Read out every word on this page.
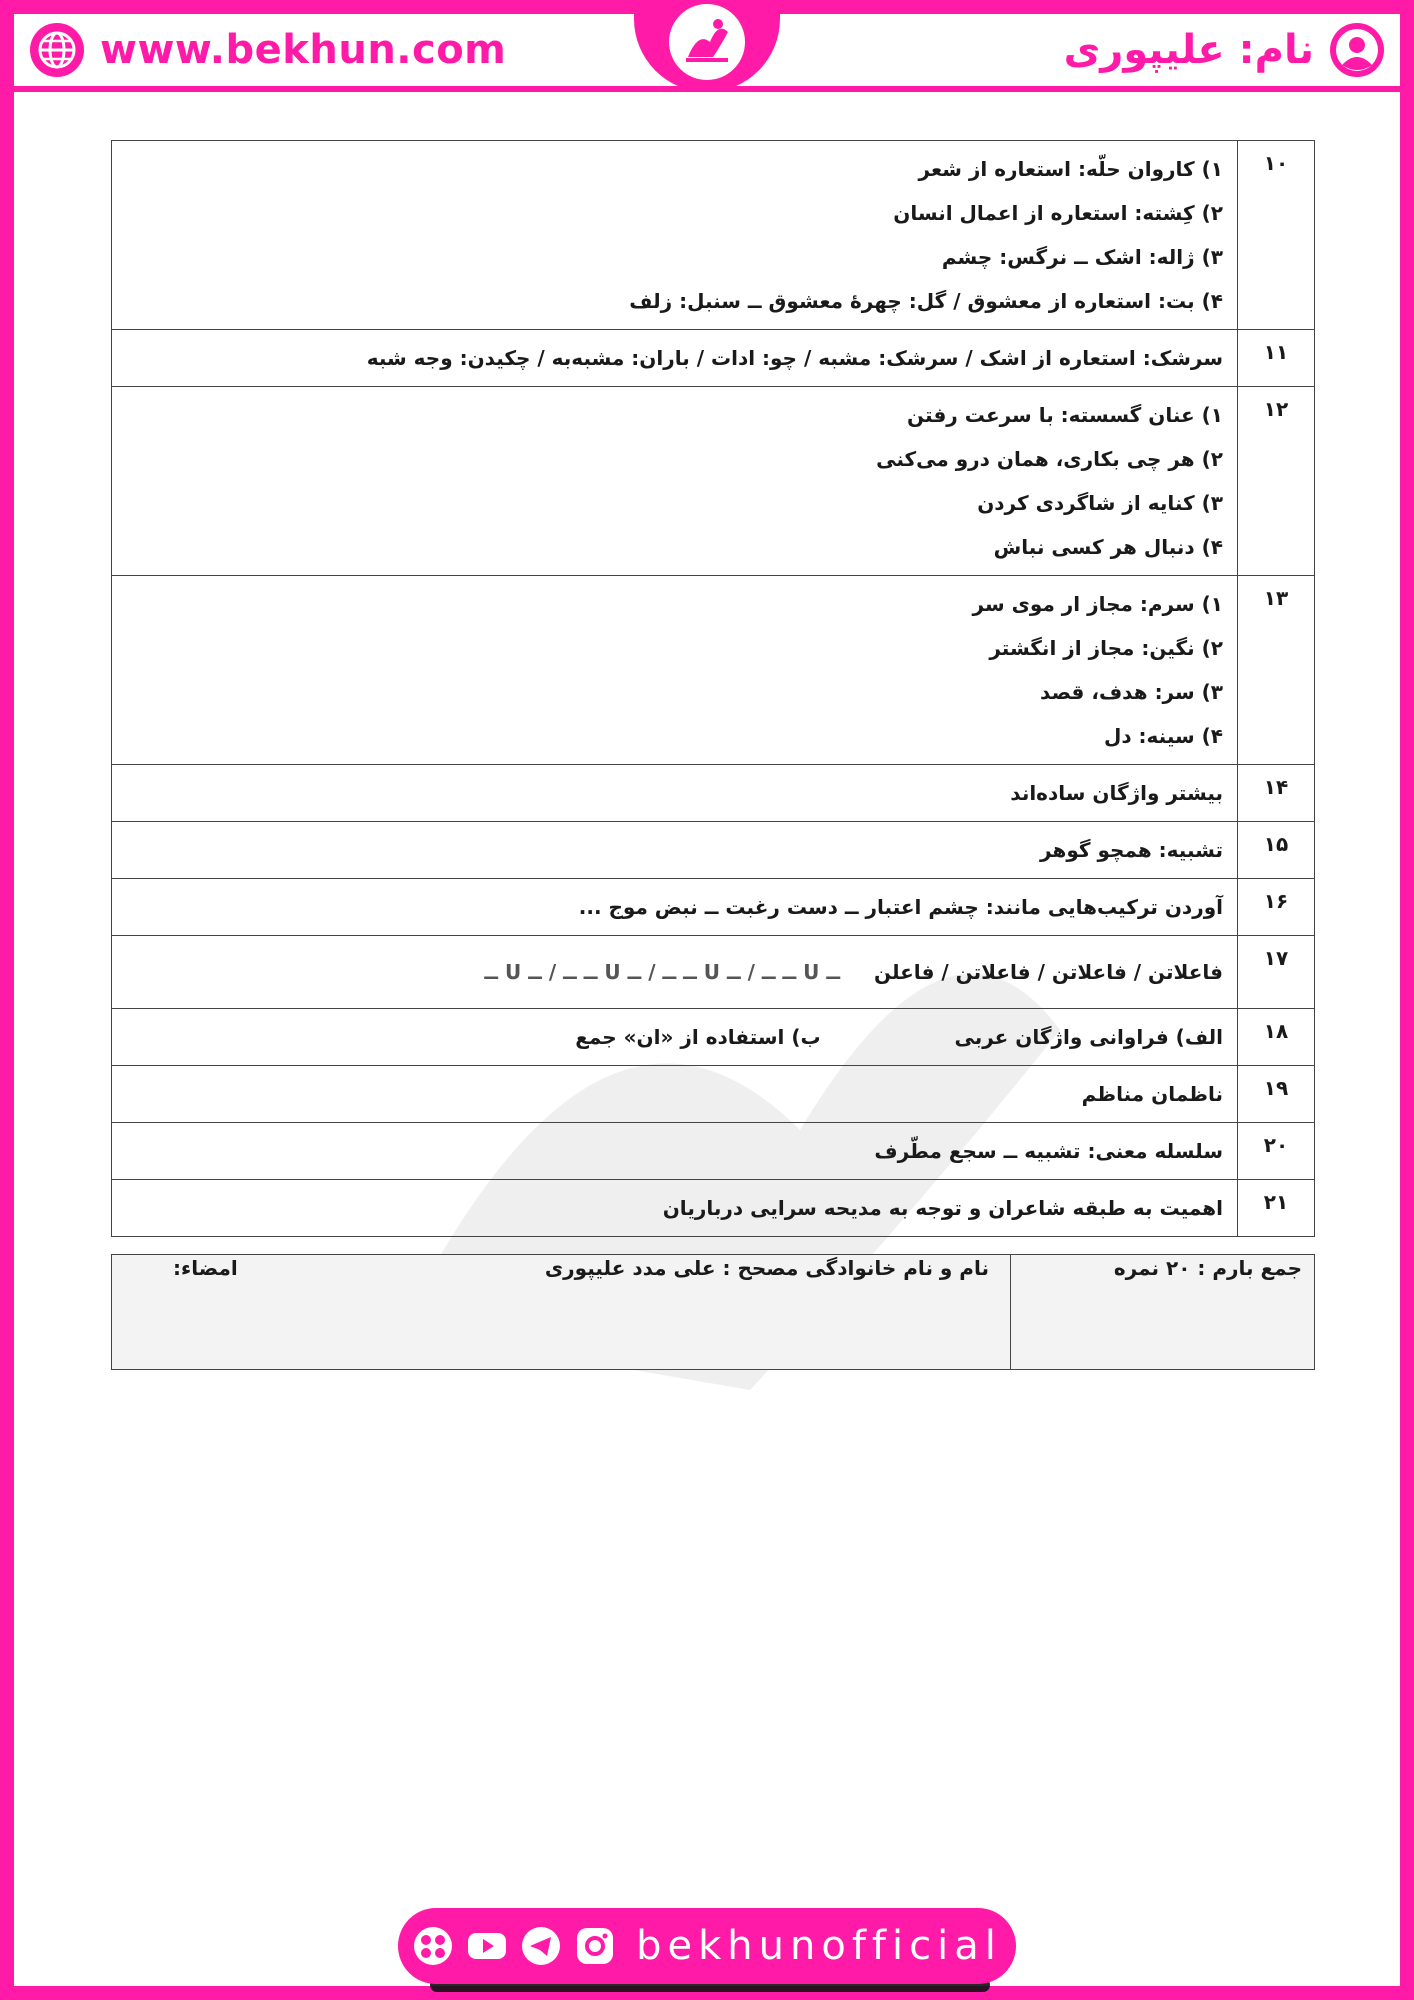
www.bekhun.com	نام: علیپوری
۱۰	۱) کاروان حلّه: استعاره از شعر
۲) کِشته: استعاره از اعمال انسان
۳) ژاله: اشک ــ نرگس: چشم
۴) بت: استعاره از معشوق / گل: چهرهٔ معشوق ــ سنبل: زلف

۱۱	سرشک: استعاره از اشک / سرشک: مشبه / چو: ادات / باران: مشبه‌به / چکیدن: وجه شبه

۱۲	۱) عنان گسسته: با سرعت رفتن
۲) هر چی بکاری، همان درو می‌کنی
۳) کنایه از شاگردی کردن
۴) دنبال هر کسی نباش

۱۳	۱) سرم: مجاز ار موی سر
۲) نگین: مجاز از انگشتر
۳) سر: هدف، قصد
۴) سینه: دل

۱۴	بیشتر واژگان ساده‌اند

۱۵	تشبیه: همچو گوهر

۱۶	آوردن ترکیب‌هایی مانند: چشم اعتبار ــ دست رغبت ــ نبض موج ...

۱۷	فاعلاتن / فاعلاتن / فاعلاتن / فاعلن  ــ U ــ ــ / ــ U ــ ــ / ــ U ــ ــ / ــ U ــ

۱۸	الف) فراوانی واژگان عربی  ب) استفاده از «ان» جمع

۱۹	ناظمان مناظم

۲۰	سلسله معنی: تشبیه ــ سجع مطّرف

۲۱	اهمیت به طبقه شاعران و توجه به مدیحه سرایی درباریان
جمع بارم : ۲۰ نمره	
نام و نام خانوادگی مصحح : علی مدد علیپوری
امضاء:
bekhunofficial
